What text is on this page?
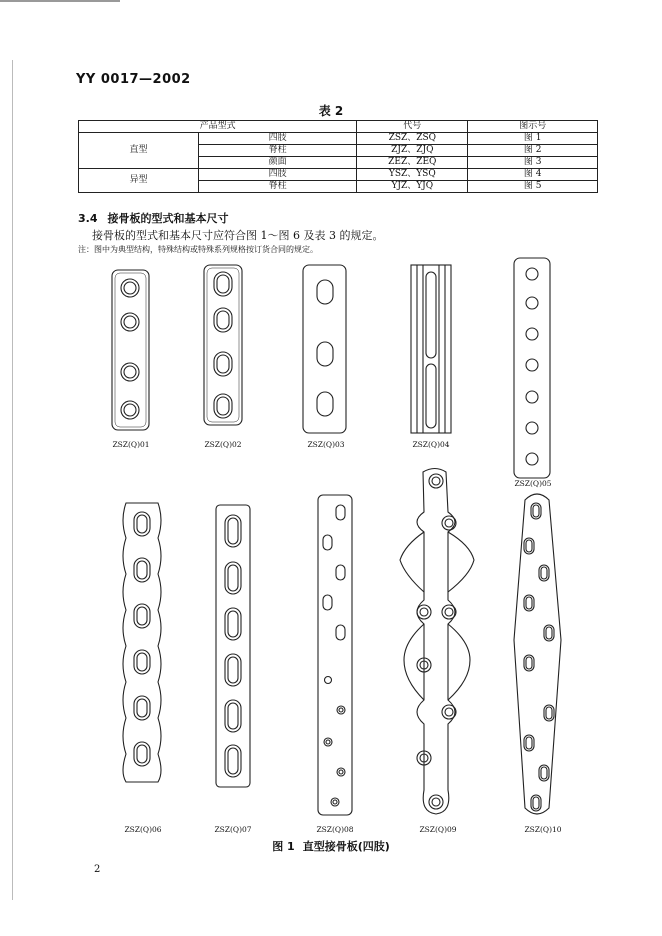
YY 0017—2002
表 2
产品型式		代号	图示号
直型	四肢	ZSZ、ZSQ	图 1
	脊柱	ZJZ、ZJQ	图 2
	颜面	ZEZ、ZEQ	图 3
异型	四肢	YSZ、YSQ	图 4
	脊柱	YJZ、YJQ	图 5
3.4 接骨板的型式和基本尺寸
接骨板的型式和基本尺寸应符合图 1～图 6 及表 3 的规定。
注：图中为典型结构，特殊结构或特殊系列规格按订货合同的规定。
ZSZ(Q)01	ZSZ(Q)02	ZSZ(Q)03	ZSZ(Q)04
ZSZ(Q)05
ZSZ(Q)06	ZSZ(Q)07	ZSZ(Q)08	ZSZ(Q)09	ZSZ(Q)10
图 1 直型接骨板(四肢)
2
